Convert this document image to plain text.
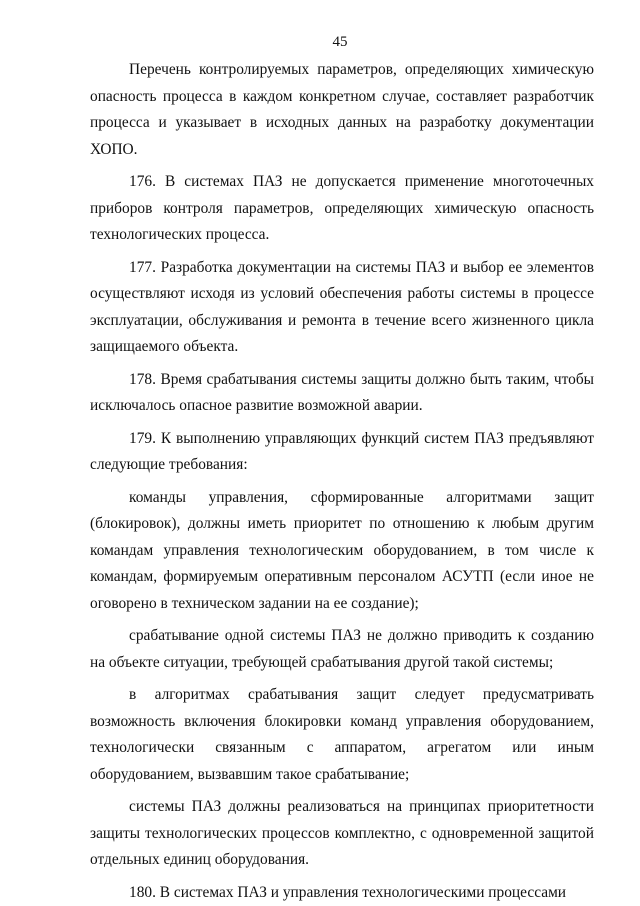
45

Перечень контролируемых параметров, определяющих химическую опасность процесса в каждом конкретном случае, составляет разработчик процесса и указывает в исходных данных на разработку документации ХОПО.

176. В системах ПАЗ не допускается применение многоточечных приборов контроля параметров, определяющих химическую опасность технологических процесса.

177. Разработка документации на системы ПАЗ и выбор ее элементов осуществляют исходя из условий обеспечения работы системы в процессе эксплуатации, обслуживания и ремонта в течение всего жизненного цикла защищаемого объекта.

178. Время срабатывания системы защиты должно быть таким, чтобы исключалось опасное развитие возможной аварии.

179. К выполнению управляющих функций систем ПАЗ предъявляют следующие требования:

команды управления, сформированные алгоритмами защит (блокировок), должны иметь приоритет по отношению к любым другим командам управления технологическим оборудованием, в том числе к командам, формируемым оперативным персоналом АСУТП (если иное не оговорено в техническом задании на ее создание);

срабатывание одной системы ПАЗ не должно приводить к созданию на объекте ситуации, требующей срабатывания другой такой системы;

в алгоритмах срабатывания защит следует предусматривать возможность включения блокировки команд управления оборудованием, технологически связанным с аппаратом, агрегатом или иным оборудованием, вызвавшим такое срабатывание;

системы ПАЗ должны реализоваться на принципах приоритетности защиты технологических процессов комплектно, с одновременной защитой отдельных единиц оборудования.

180. В системах ПАЗ и управления технологическими процессами
